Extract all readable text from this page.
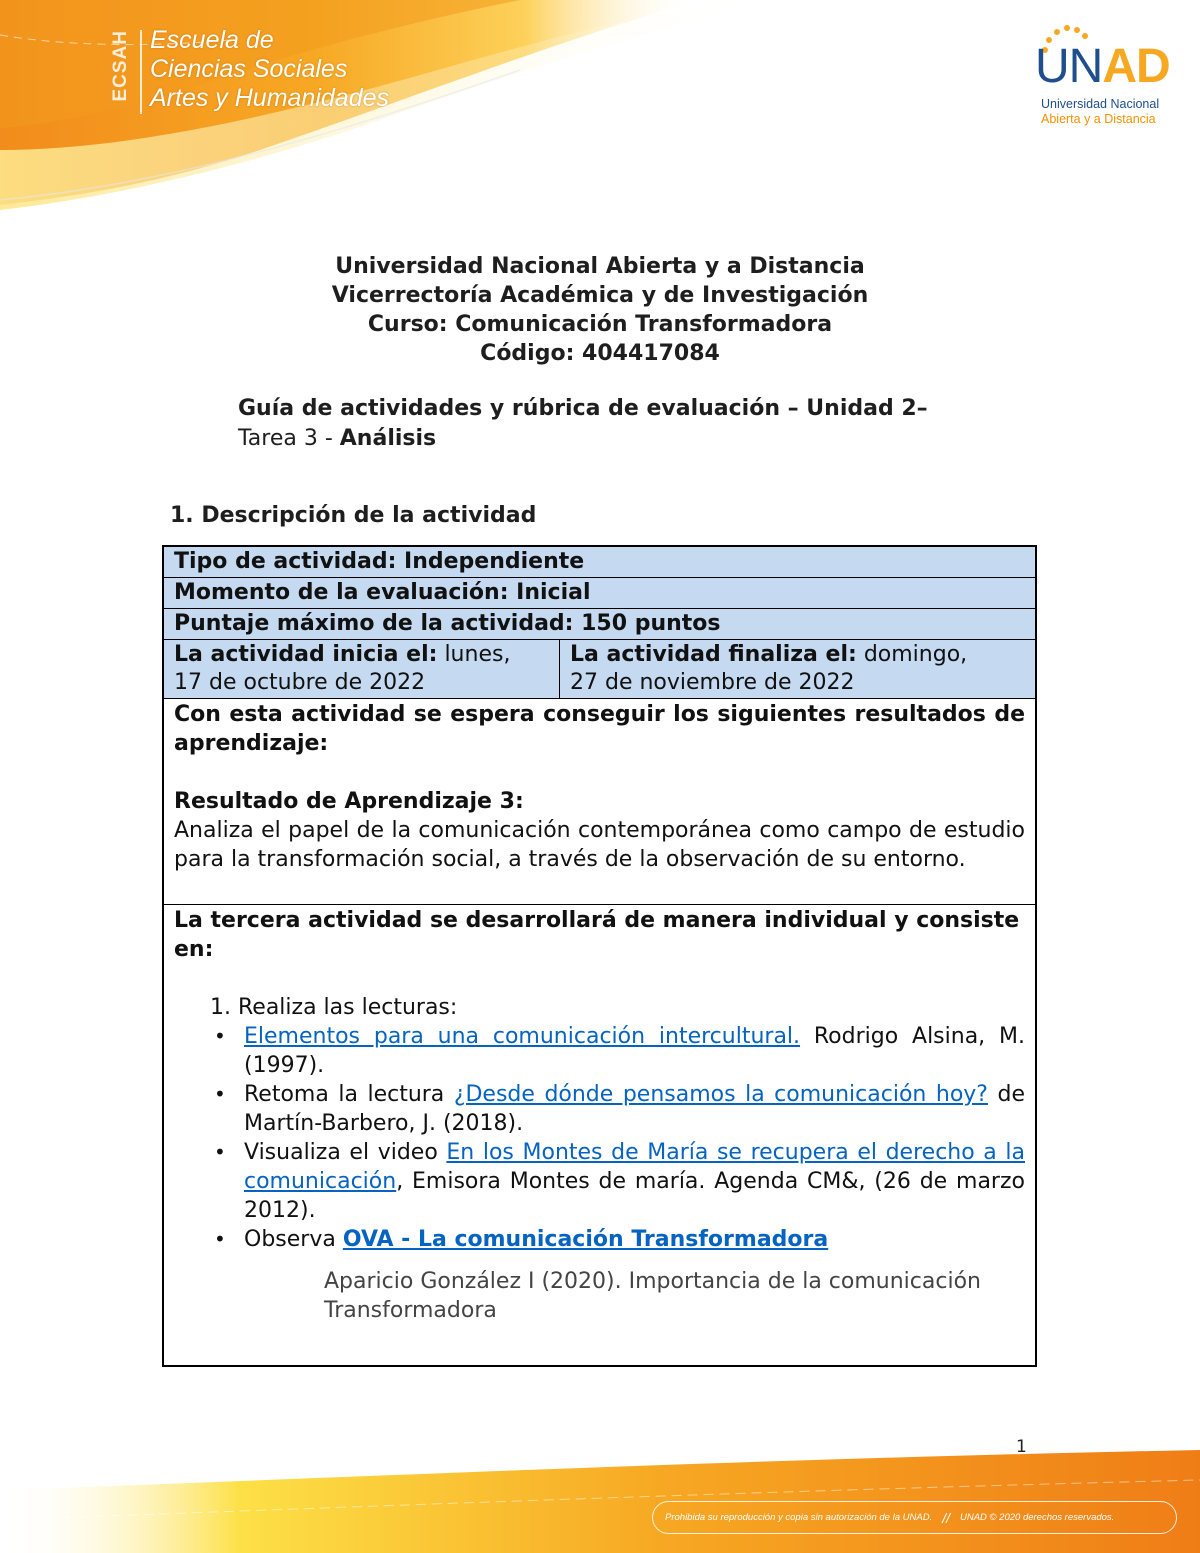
ECSAH Escuela de
Ciencias Sociales
Artes y Humanidades
UNAD
Universidad Nacional
Abierta y a Distancia
Universidad Nacional Abierta y a Distancia
Vicerrectoría Académica y de Investigación
Curso: Comunicación Transformadora
Código: 404417084
Guía de actividades y rúbrica de evaluación – Unidad 2–
Tarea 3 - Análisis
1. Descripción de la actividad
Tipo de actividad: Independiente
Momento de la evaluación: Inicial
Puntaje máximo de la actividad: 150 puntos
La actividad inicia el: lunes,
17 de octubre de 2022
La actividad finaliza el: domingo,
27 de noviembre de 2022
Con esta actividad se espera conseguir los siguientes resultados de aprendizaje:
Resultado de Aprendizaje 3:
Analiza el papel de la comunicación contemporánea como campo de estudio para la transformación social, a través de la observación de su entorno.
La tercera actividad se desarrollará de manera individual y consiste en:
1. Realiza las lecturas:
• Elementos para una comunicación intercultural. Rodrigo Alsina, M. (1997).
• Retoma la lectura ¿Desde dónde pensamos la comunicación hoy? de Martín-Barbero, J. (2018).
• Visualiza el video En los Montes de María se recupera el derecho a la comunicación, Emisora Montes de maría. Agenda CM&, (26 de marzo 2012).
• Observa OVA - La comunicación Transformadora
Aparicio González I (2020). Importancia de la comunicación Transformadora
1
Prohibida su reproducción y copia sin autorización de la UNAD. // UNAD © 2020 derechos reservados.
